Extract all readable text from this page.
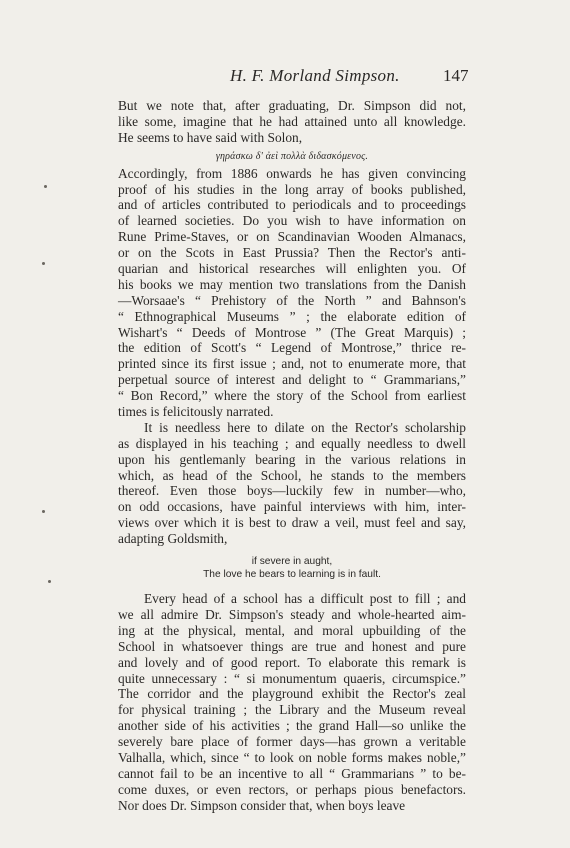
H. F. Morland Simpson.	147
But we note that, after graduating, Dr. Simpson did not,
like some, imagine that he had attained unto all knowledge.
He seems to have said with Solon,
γηράσκω δ' ἀεὶ πολλὰ διδασκόμενος.
Accordingly, from 1886 onwards he has given convincing
proof of his studies in the long array of books published,
and of articles contributed to periodicals and to proceedings
of learned societies. Do you wish to have information on
Rune Prime-Staves, or on Scandinavian Wooden Almanacs,
or on the Scots in East Prussia? Then the Rector's anti-
quarian and historical researches will enlighten you. Of
his books we may mention two translations from the Danish
—Worsaae's “ Prehistory of the North ” and Bahnson's
“ Ethnographical Museums ” ; the elaborate edition of
Wishart's “ Deeds of Montrose ” (The Great Marquis) ;
the edition of Scott's “ Legend of Montrose,” thrice re-
printed since its first issue ; and, not to enumerate more, that
perpetual source of interest and delight to “ Grammarians,”
“ Bon Record,” where the story of the School from earliest
times is felicitously narrated.
It is needless here to dilate on the Rector's scholarship
as displayed in his teaching ; and equally needless to dwell
upon his gentlemanly bearing in the various relations in
which, as head of the School, he stands to the members
thereof. Even those boys—luckily few in number—who,
on odd occasions, have painful interviews with him, inter-
views over which it is best to draw a veil, must feel and say,
adapting Goldsmith,
if severe in aught,
The love he bears to learning is in fault.
Every head of a school has a difficult post to fill ; and
we all admire Dr. Simpson's steady and whole-hearted aim-
ing at the physical, mental, and moral upbuilding of the
School in whatsoever things are true and honest and pure
and lovely and of good report. To elaborate this remark is
quite unnecessary : “ si monumentum quaeris, circumspice.”
The corridor and the playground exhibit the Rector's zeal
for physical training ; the Library and the Museum reveal
another side of his activities ; the grand Hall—so unlike the
severely bare place of former days—has grown a veritable
Valhalla, which, since “ to look on noble forms makes noble,”
cannot fail to be an incentive to all “ Grammarians ” to be-
come duxes, or even rectors, or perhaps pious benefactors.
Nor does Dr. Simpson consider that, when boys leave
